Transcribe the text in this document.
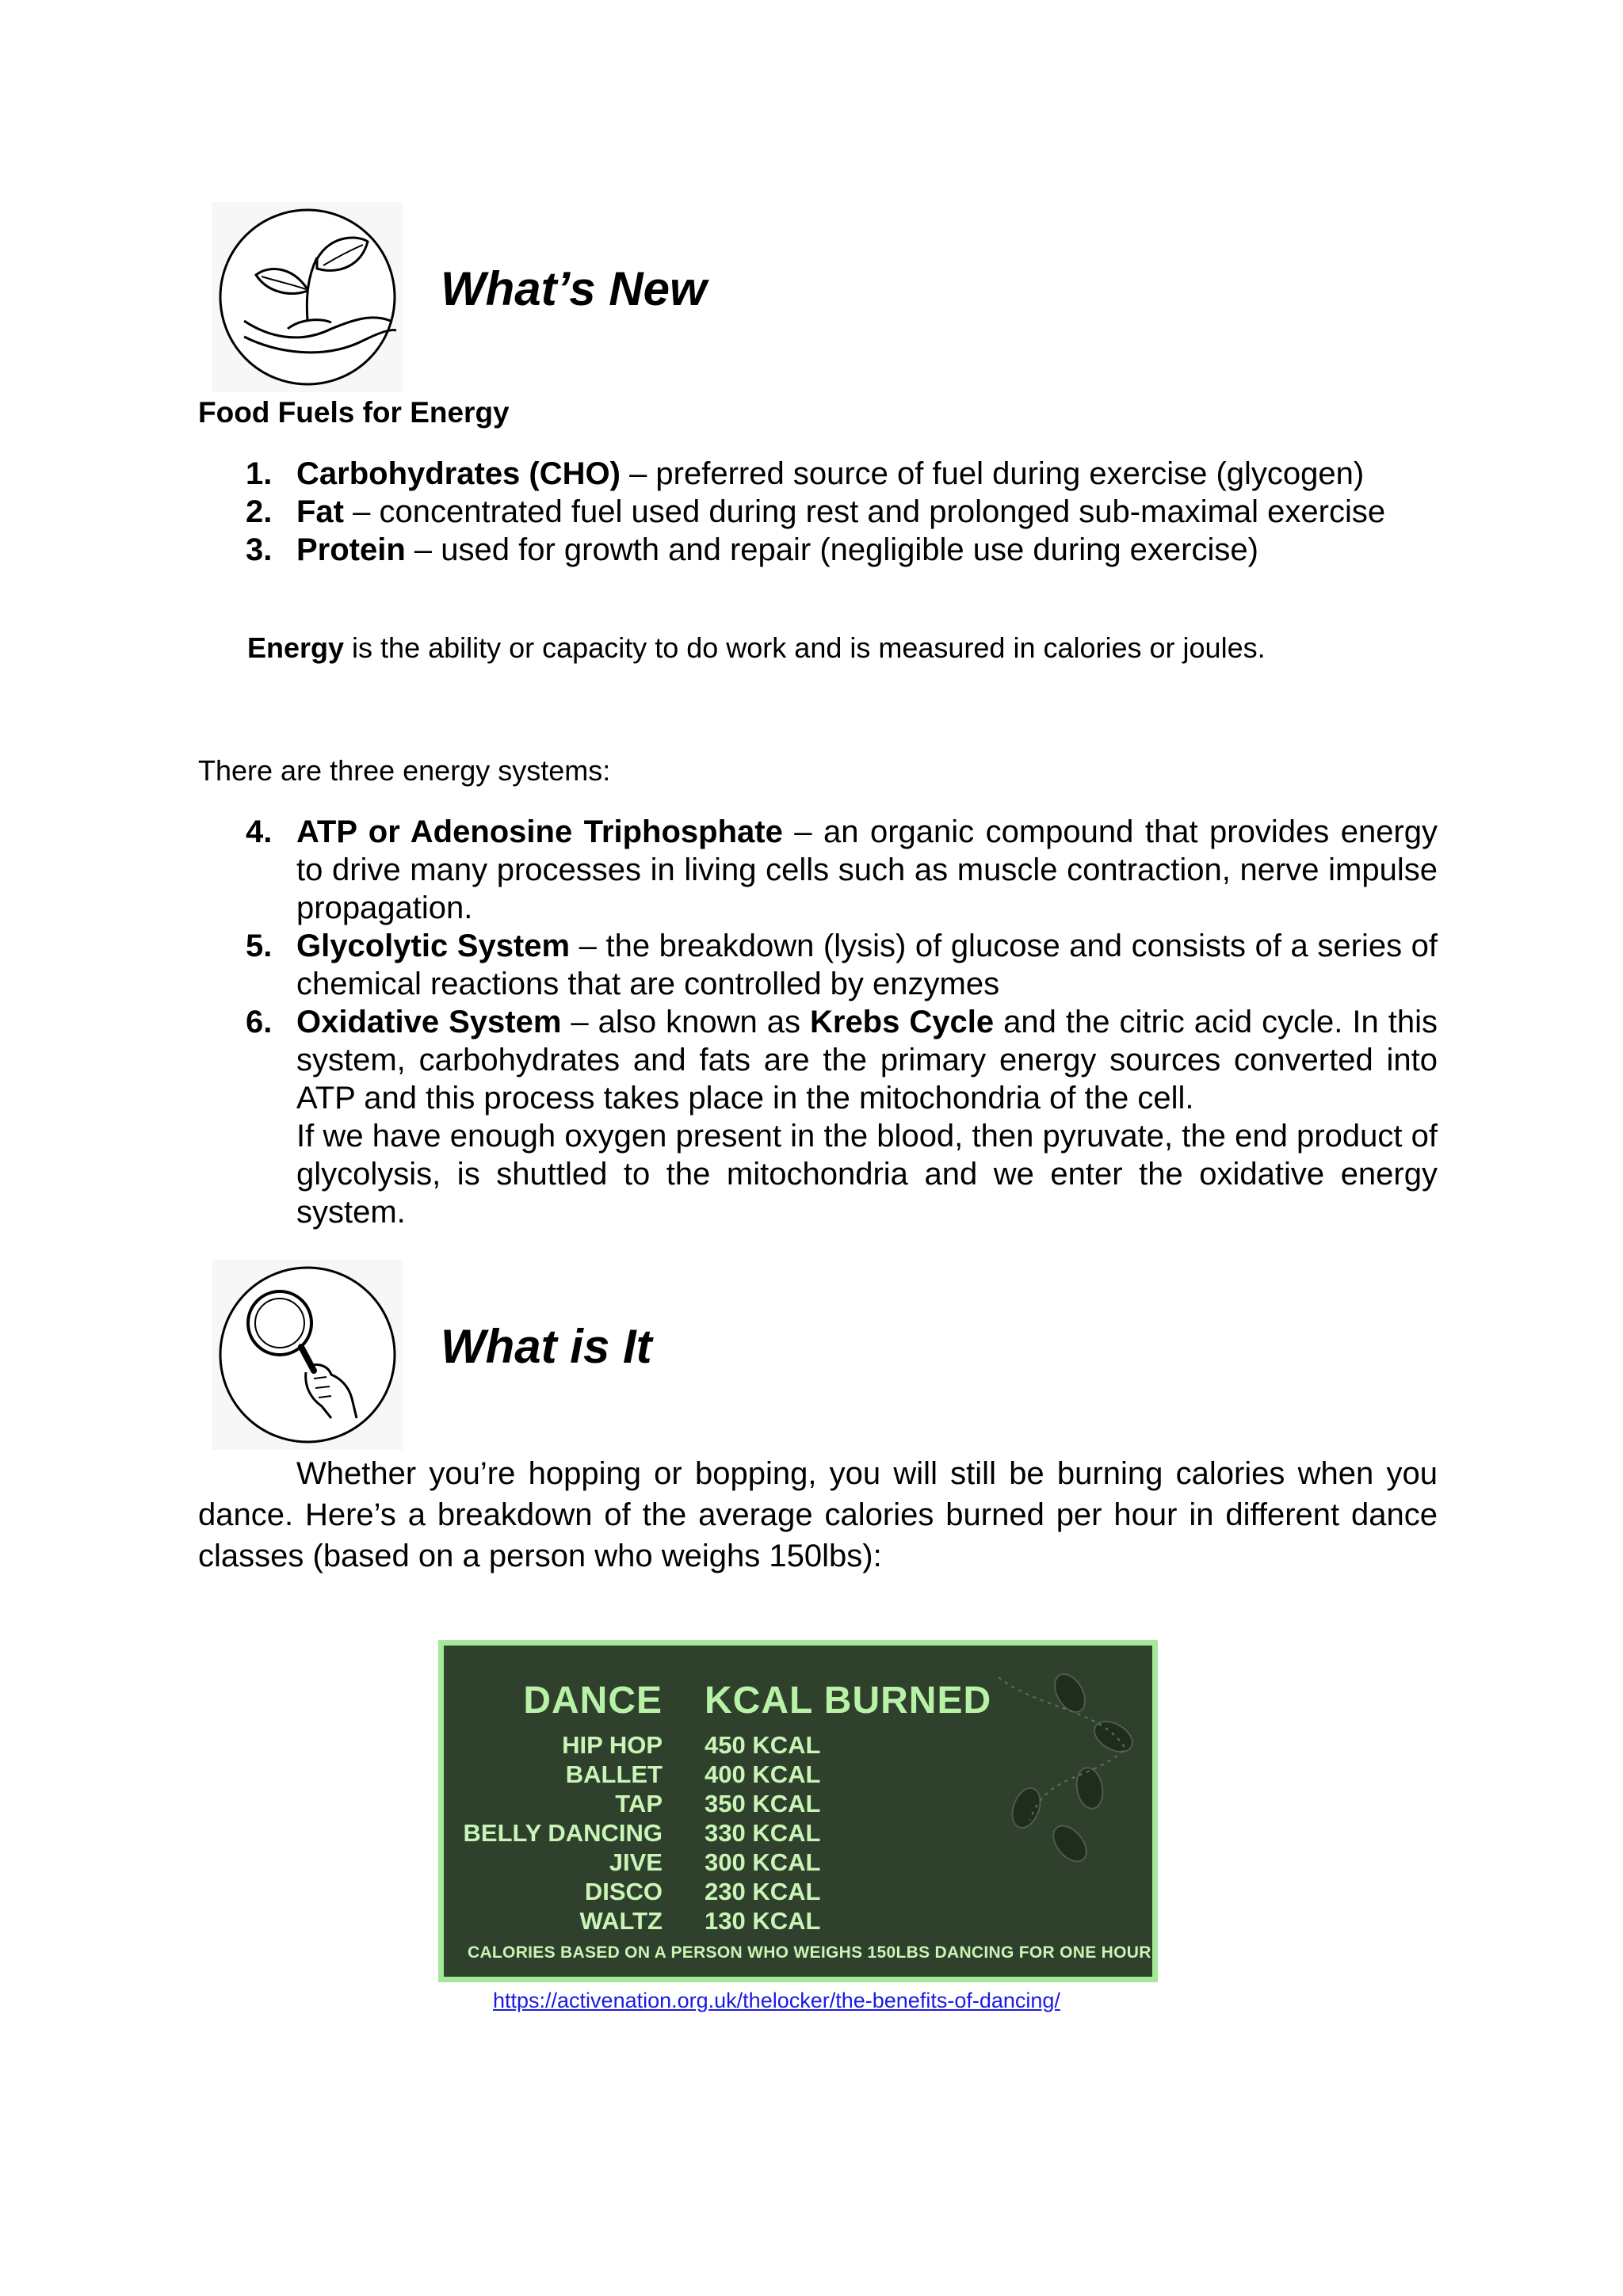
What’s New
Food Fuels for Energy
1. Carbohydrates (CHO) – preferred source of fuel during exercise (glycogen)
2. Fat – concentrated fuel used during rest and prolonged sub-maximal exercise
3. Protein – used for growth and repair (negligible use during exercise)
Energy is the ability or capacity to do work and is measured in calories or joules.
There are three energy systems:
4. ATP or Adenosine Triphosphate – an organic compound that provides energy to drive many processes in living cells such as muscle contraction, nerve impulse propagation.
5. Glycolytic System – the breakdown (lysis) of glucose and consists of a series of chemical reactions that are controlled by enzymes
6. Oxidative System – also known as Krebs Cycle and the citric acid cycle. In this system, carbohydrates and fats are the primary energy sources converted into ATP and this process takes place in the mitochondria of the cell.
If we have enough oxygen present in the blood, then pyruvate, the end product of glycolysis, is shuttled to the mitochondria and we enter the oxidative energy system.
What is It

Whether you’re hopping or bopping, you will still be burning calories when you dance. Here’s a breakdown of the average calories burned per hour in different dance classes (based on a person who weighs 150lbs):

DANCE KCAL BURNED
HIP HOP 450 KCAL
BALLET 400 KCAL
TAP 350 KCAL
BELLY DANCING 330 KCAL
JIVE 300 KCAL
DISCO 230 KCAL
WALTZ 130 KCAL
CALORIES BASED ON A PERSON WHO WEIGHS 150LBS DANCING FOR ONE HOUR
https://activenation.org.uk/thelocker/the-benefits-of-dancing/
